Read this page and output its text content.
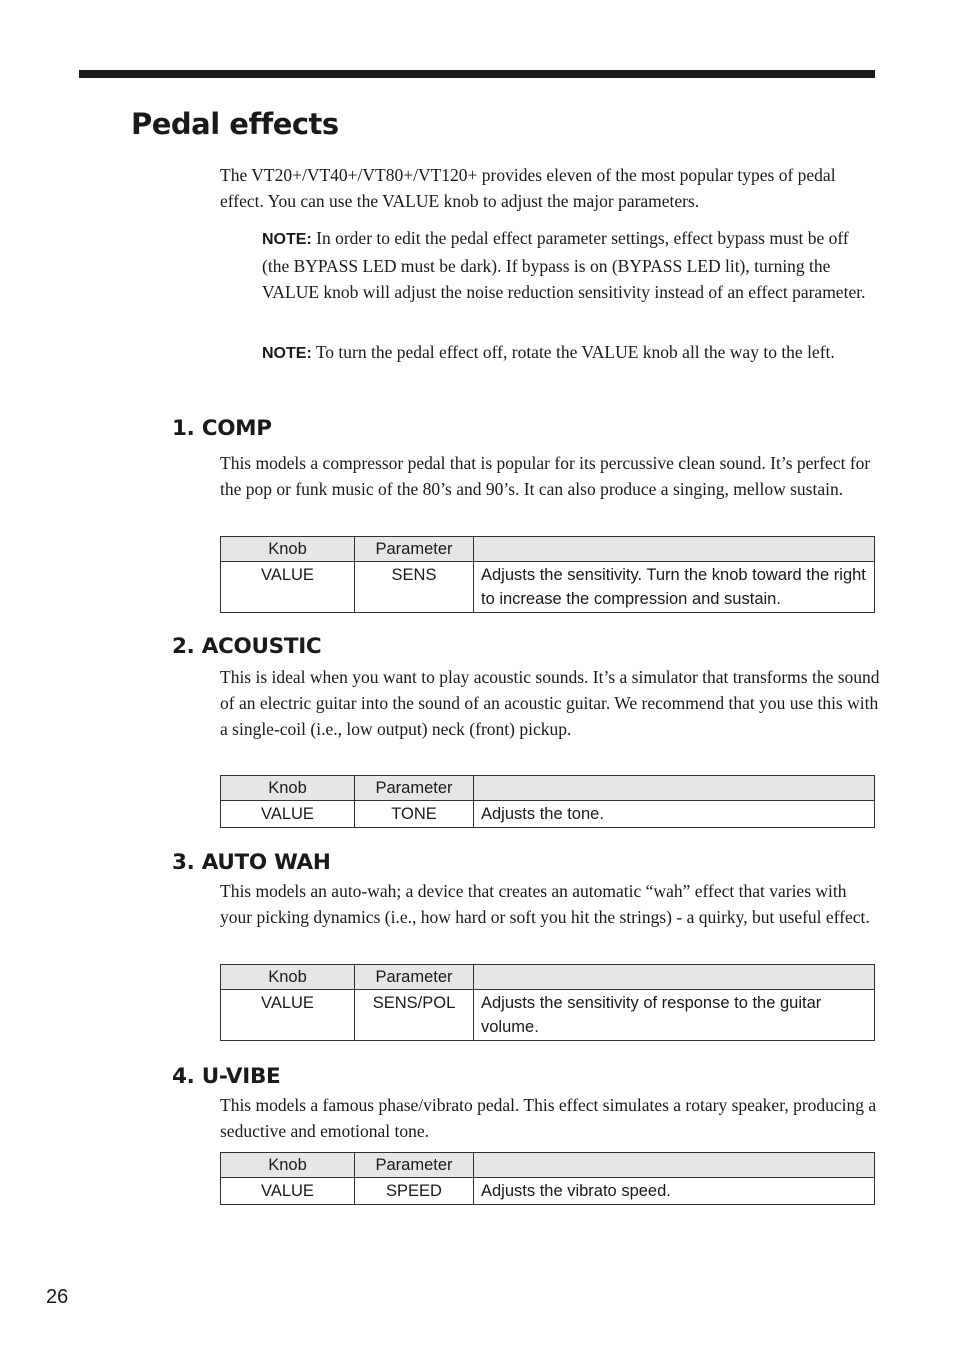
Pedal effects

The VT20+/VT40+/VT80+/VT120+ provides eleven of the most popular types of pedal effect. You can use the VALUE knob to adjust the major parameters.

NOTE: In order to edit the pedal effect parameter settings, effect bypass must be off (the BYPASS LED must be dark). If bypass is on (BYPASS LED lit), turning the VALUE knob will adjust the noise reduction sensitivity instead of an effect parameter.

NOTE: To turn the pedal effect off, rotate the VALUE knob all the way to the left.

1. COMP

This models a compressor pedal that is popular for its percussive clean sound. It’s perfect for the pop or funk music of the 80’s and 90’s. It can also produce a singing, mellow sustain.

Knob	Parameter	
VALUE	SENS	Adjusts the sensitivity. Turn the knob toward the right to increase the compression and sustain.
2. ACOUSTIC

This is ideal when you want to play acoustic sounds. It’s a simulator that transforms the sound of an electric guitar into the sound of an acoustic guitar. We recommend that you use this with a single-coil (i.e., low output) neck (front) pickup.

Knob	Parameter	
VALUE	TONE	Adjusts the tone.
3. AUTO WAH

This models an auto-wah; a device that creates an automatic “wah” effect that varies with your picking dynamics (i.e., how hard or soft you hit the strings) - a quirky, but useful effect.

Knob	Parameter	
VALUE	SENS/POL	Adjusts the sensitivity of response to the guitar volume.
4. U-VIBE

This models a famous phase/vibrato pedal. This effect simulates a rotary speaker, producing a seductive and emotional tone.

Knob	Parameter	
VALUE	SPEED	Adjusts the vibrato speed.

26
